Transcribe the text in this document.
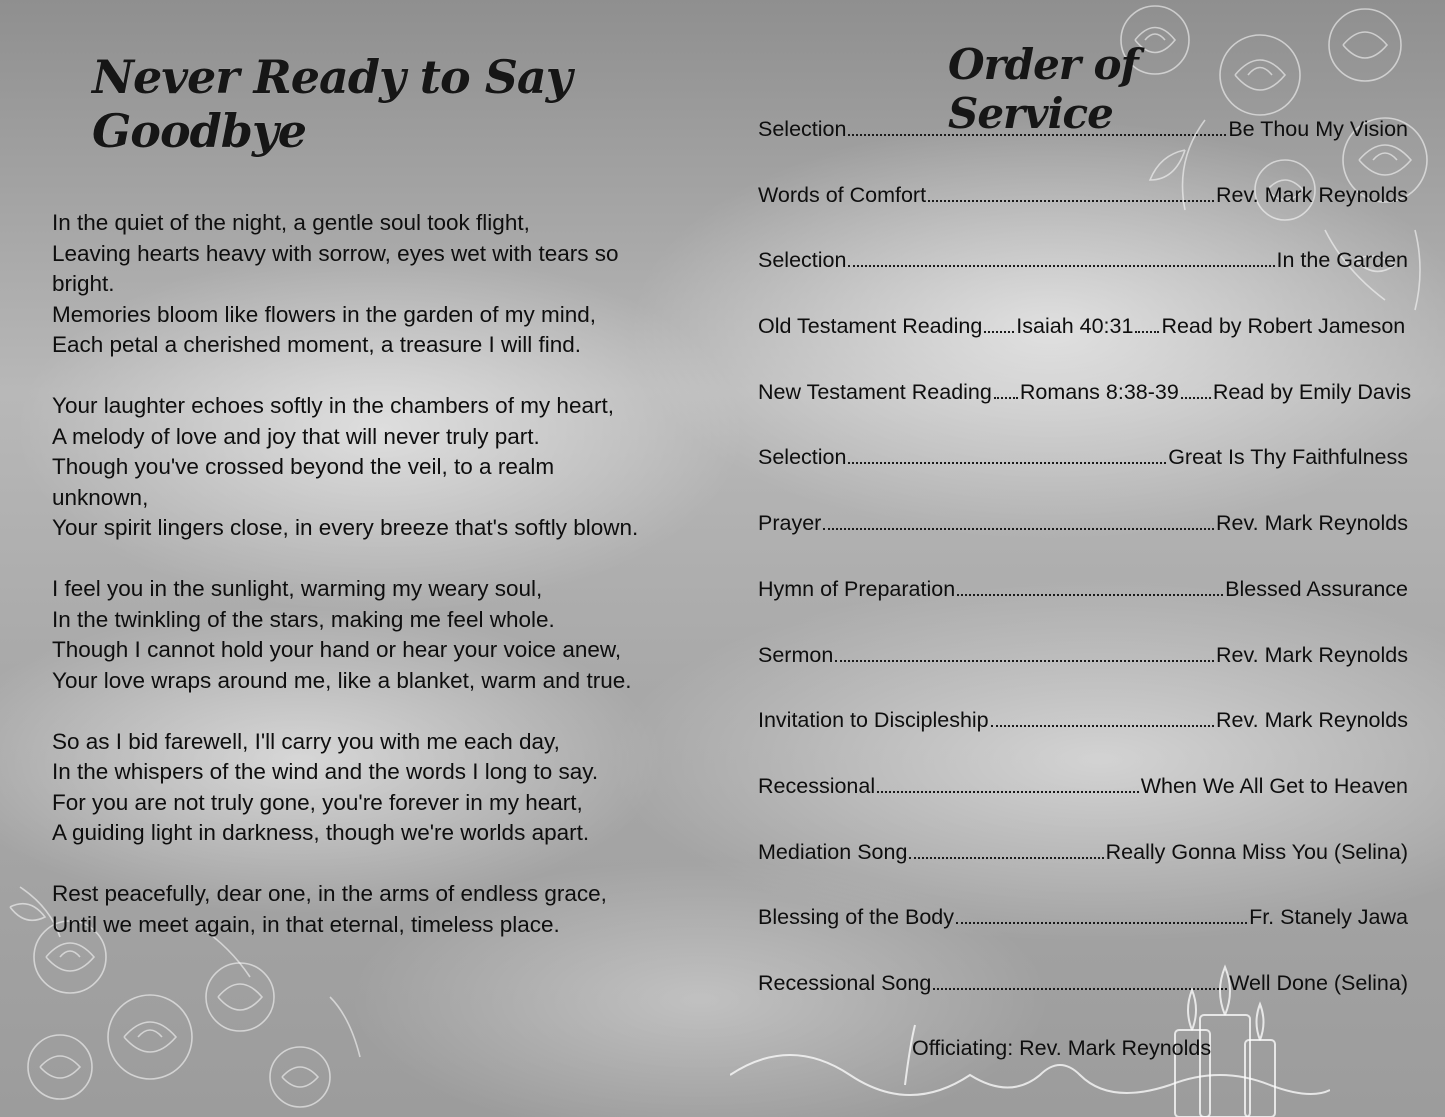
Never Ready to Say Goodbye
In the quiet of the night, a gentle soul took flight,
Leaving hearts heavy with sorrow, eyes wet with tears so
bright.
Memories bloom like flowers in the garden of my mind,
Each petal a cherished moment, a treasure I will find.
Your laughter echoes softly in the chambers of my heart,
A melody of love and joy that will never truly part.
Though you've crossed beyond the veil, to a realm
unknown,
Your spirit lingers close, in every breeze that's softly blown.
I feel you in the sunlight, warming my weary soul,
In the twinkling of the stars, making me feel whole.
Though I cannot hold your hand or hear your voice anew,
Your love wraps around me, like a blanket, warm and true.
So as I bid farewell, I'll carry you with me each day,
In the whispers of the wind and the words I long to say.
For you are not truly gone, you're forever in my heart,
A guiding light in darkness, though we're worlds apart.
Rest peacefully, dear one, in the arms of endless grace,
Until we meet again, in that eternal, timeless place.
Order of Service
Selection	Be Thou My Vision
Words of Comfort	Rev. Mark Reynolds
Selection	In the Garden
Old Testament Reading Isaiah 40:31 Read by Robert Jameson
New Testament Reading Romans 8:38-39 Read by Emily Davis
Selection	Great Is Thy Faithfulness
Prayer	Rev. Mark Reynolds
Hymn of Preparation	Blessed Assurance
Sermon	Rev. Mark Reynolds
Invitation to Discipleship	Rev. Mark Reynolds
Recessional	When We All Get to Heaven
Mediation Song	Really Gonna Miss You (Selina)
Blessing of the Body	Fr. Stanely Jawa
Recessional Song	Well Done (Selina)
Officiating: Rev. Mark Reynolds
